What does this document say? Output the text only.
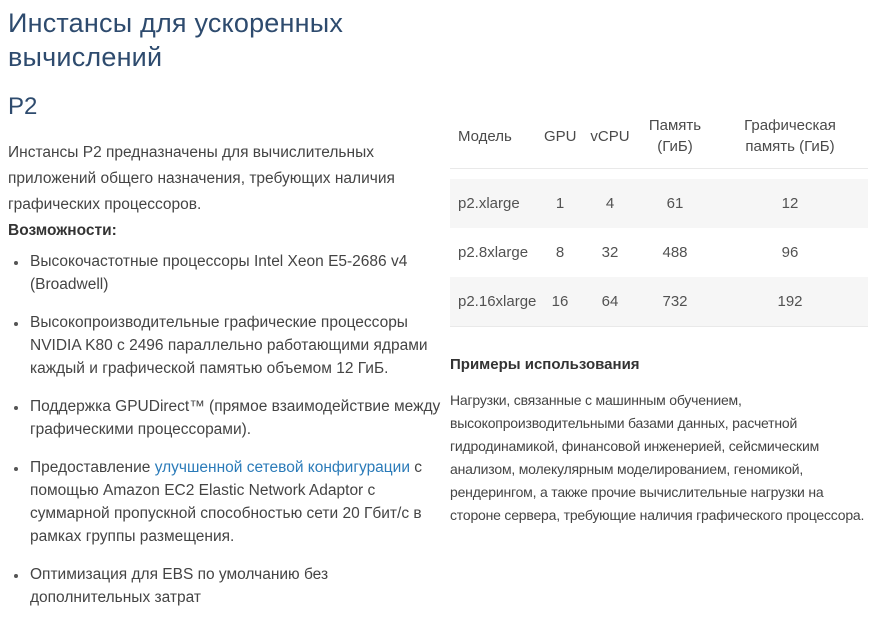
Инстансы для ускоренных вычислений
P2

Инстансы P2 предназначены для вычислительных приложений общего назначения, требующих наличия графических процессоров.

Возможности:

• Высокочастотные процессоры Intel Xeon E5-2686 v4 (Broadwell)
• Высокопроизводительные графические процессоры NVIDIA K80 с 2496 параллельно работающими ядрами каждый и графической памятью объемом 12 ГиБ.
• Поддержка GPUDirect™ (прямое взаимодействие между графическими процессорами).
• Предоставление улучшенной сетевой конфигурации с помощью Amazon EC2 Elastic Network Adaptor с суммарной пропускной способностью сети 20 Гбит/с в рамках группы размещения.
• Оптимизация для EBS по умолчанию без дополнительных затрат
Модель	GPU	vCPU	Память (ГиБ)	Графическая память (ГиБ)

p2.xlarge	1	4	61	12
p2.8xlarge	8	32	488	96
p2.16xlarge	16	64	732	192

Примеры использования

Нагрузки, связанные с машинным обучением, высокопроизводительными базами данных, расчетной гидродинамикой, финансовой инженерией, сейсмическим анализом, молекулярным моделированием, геномикой, рендерингом, а также прочие вычислительные нагрузки на стороне сервера, требующие наличия графического процессора.
